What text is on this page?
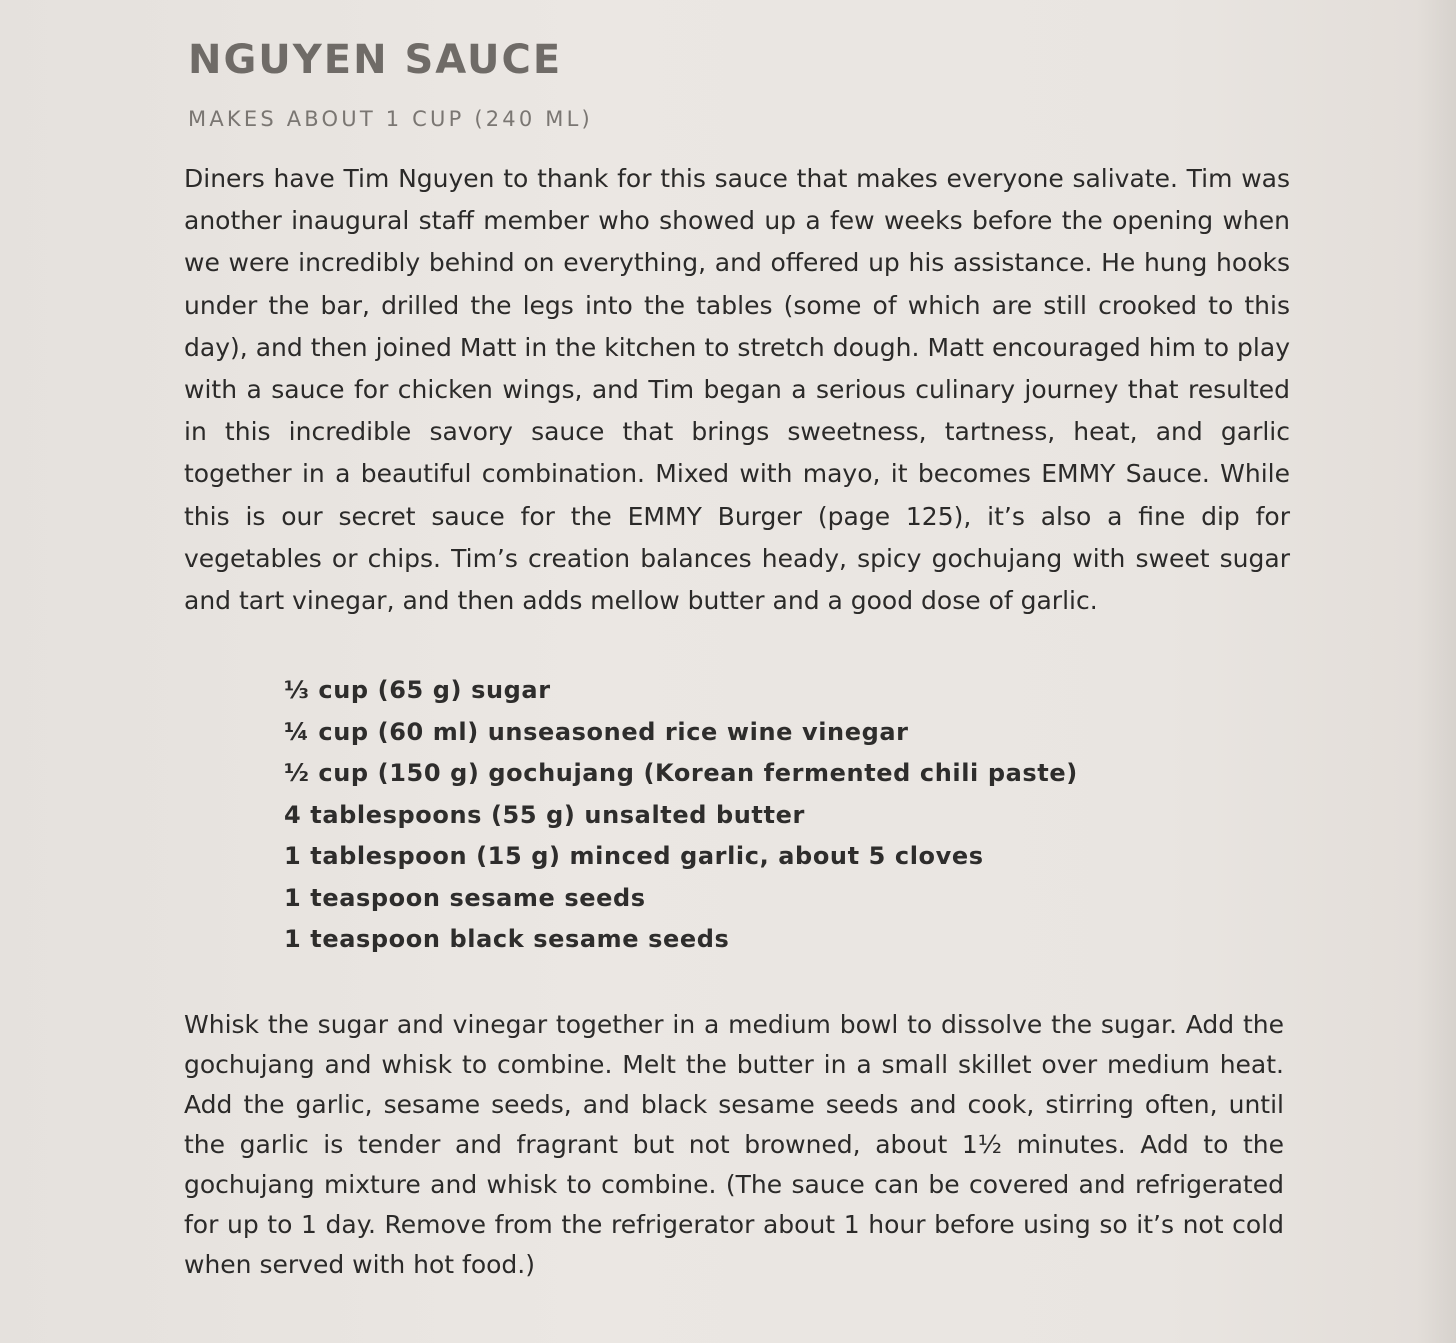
NGUYEN SAUCE
MAKES ABOUT 1 CUP (240 ML)

Diners have Tim Nguyen to thank for this sauce that makes everyone salivate. Tim was another inaugural staff member who showed up a few weeks before the opening when we were incredibly behind on everything, and offered up his assistance. He hung hooks under the bar, drilled the legs into the tables (some of which are still crooked to this day), and then joined Matt in the kitchen to stretch dough. Matt encouraged him to play with a sauce for chicken wings, and Tim began a serious culinary journey that resulted in this incredible savory sauce that brings sweetness, tartness, heat, and garlic together in a beautiful combination. Mixed with mayo, it becomes EMMY Sauce. While this is our secret sauce for the EMMY Burger (page 125), it’s also a fine dip for vegetables or chips. Tim’s creation balances heady, spicy gochujang with sweet sugar and tart vinegar, and then adds mellow butter and a good dose of garlic.

⅓ cup (65 g) sugar
¼ cup (60 ml) unseasoned rice wine vinegar
½ cup (150 g) gochujang (Korean fermented chili paste)
4 tablespoons (55 g) unsalted butter
1 tablespoon (15 g) minced garlic, about 5 cloves
1 teaspoon sesame seeds
1 teaspoon black sesame seeds

Whisk the sugar and vinegar together in a medium bowl to dissolve the sugar. Add the gochujang and whisk to combine. Melt the butter in a small skillet over medium heat. Add the garlic, sesame seeds, and black sesame seeds and cook, stirring often, until the garlic is tender and fragrant but not browned, about 1½ minutes. Add to the gochujang mixture and whisk to combine. (The sauce can be covered and refrigerated for up to 1 day. Remove from the refrigerator about 1 hour before using so it’s not cold when served with hot food.)
